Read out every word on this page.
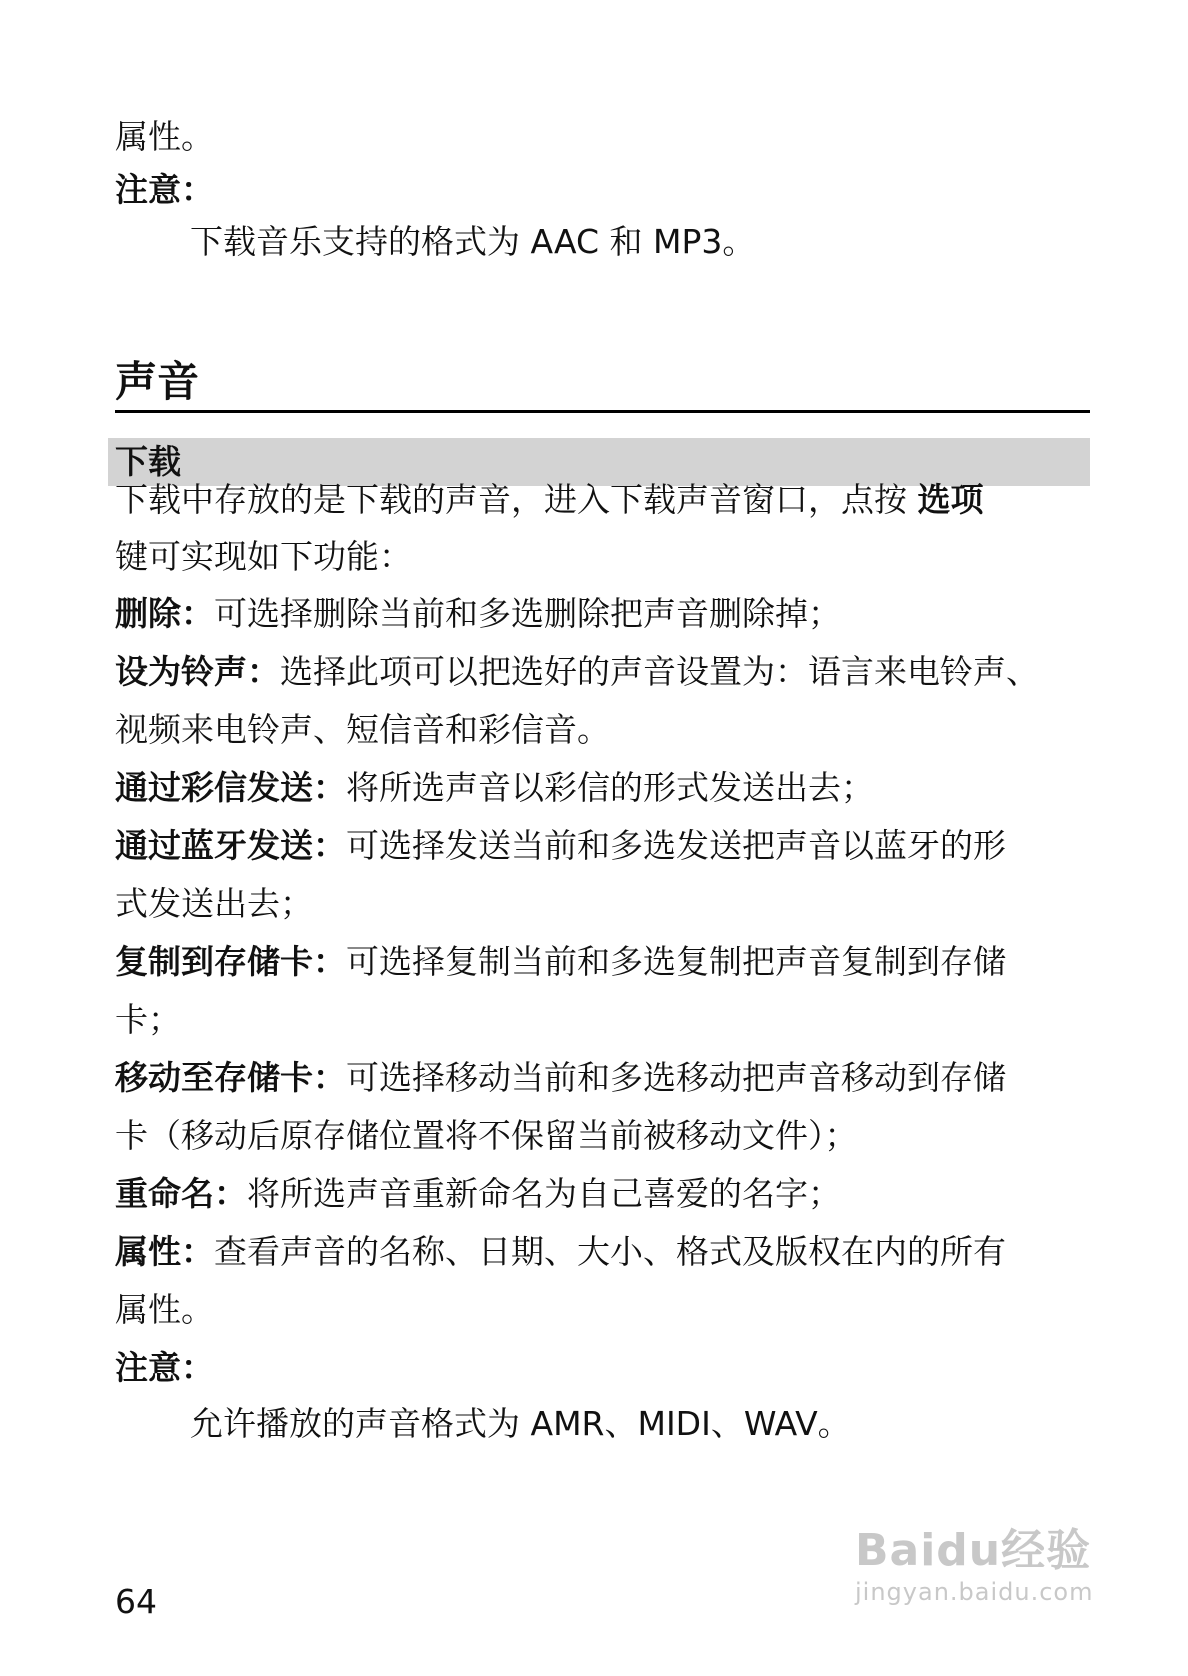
属性。
注意：
下载音乐支持的格式为 AAC 和 MP3。
声音
下载
下载中存放的是下载的声音，进入下载声音窗口，点按 选项
键可实现如下功能：
删除：可选择删除当前和多选删除把声音删除掉；
设为铃声：选择此项可以把选好的声音设置为：语言来电铃声、
视频来电铃声、短信音和彩信音。
通过彩信发送：将所选声音以彩信的形式发送出去；
通过蓝牙发送：可选择发送当前和多选发送把声音以蓝牙的形
式发送出去；
复制到存储卡：可选择复制当前和多选复制把声音复制到存储
卡；
移动至存储卡：可选择移动当前和多选移动把声音移动到存储
卡（移动后原存储位置将不保留当前被移动文件）；
重命名：将所选声音重新命名为自己喜爱的名字；
属性：查看声音的名称、日期、大小、格式及版权在内的所有
属性。
注意：
允许播放的声音格式为 AMR、MIDI、WAV。
64
Baidu经验
jingyan.baidu.com
